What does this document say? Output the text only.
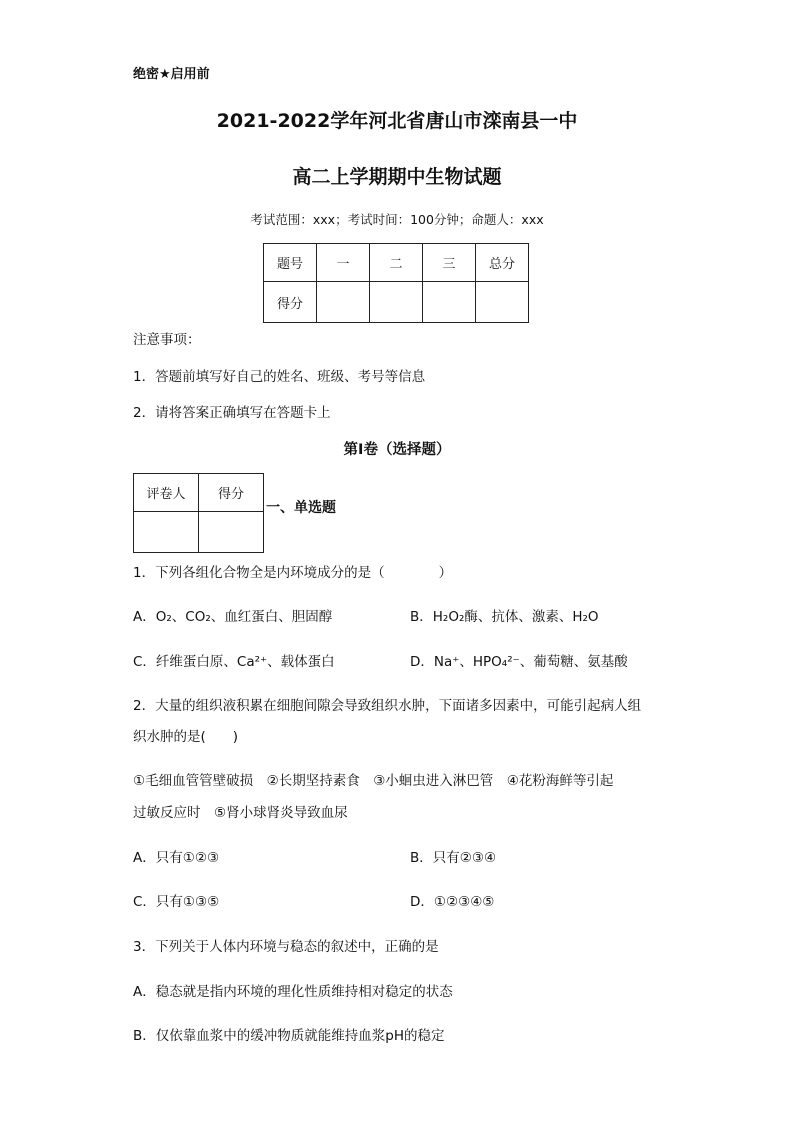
绝密★启用前
2021-2022学年河北省唐山市滦南县一中
高二上学期期中生物试题
考试范围：xxx；考试时间：100分钟；命题人：xxx
题号	一	二	三	总分
得分				
注意事项：
1．答题前填写好自己的姓名、班级、考号等信息
2．请将答案正确填写在答题卡上
第I卷（选择题）
评卷人	得分

一、单选题
1．下列各组化合物全是内环境成分的是（　　　　）
A．O₂、CO₂、血红蛋白、胆固醇	B．H₂O₂酶、抗体、激素、H₂O
C．纤维蛋白原、Ca²⁺、载体蛋白	D．Na⁺、HPO₄²⁻、葡萄糖、氨基酸
2．大量的组织液积累在细胞间隙会导致组织水肿，下面诸多因素中，可能引起病人组
织水肿的是(　　)
①毛细血管管壁破损　②长期坚持素食　③小蛔虫进入淋巴管　④花粉海鲜等引起
过敏反应时　⑤肾小球肾炎导致血尿
A．只有①②③	B．只有②③④
C．只有①③⑤	D．①②③④⑤
3．下列关于人体内环境与稳态的叙述中，正确的是
A．稳态就是指内环境的理化性质维持相对稳定的状态
B．仅依靠血浆中的缓冲物质就能维持血浆pH的稳定
